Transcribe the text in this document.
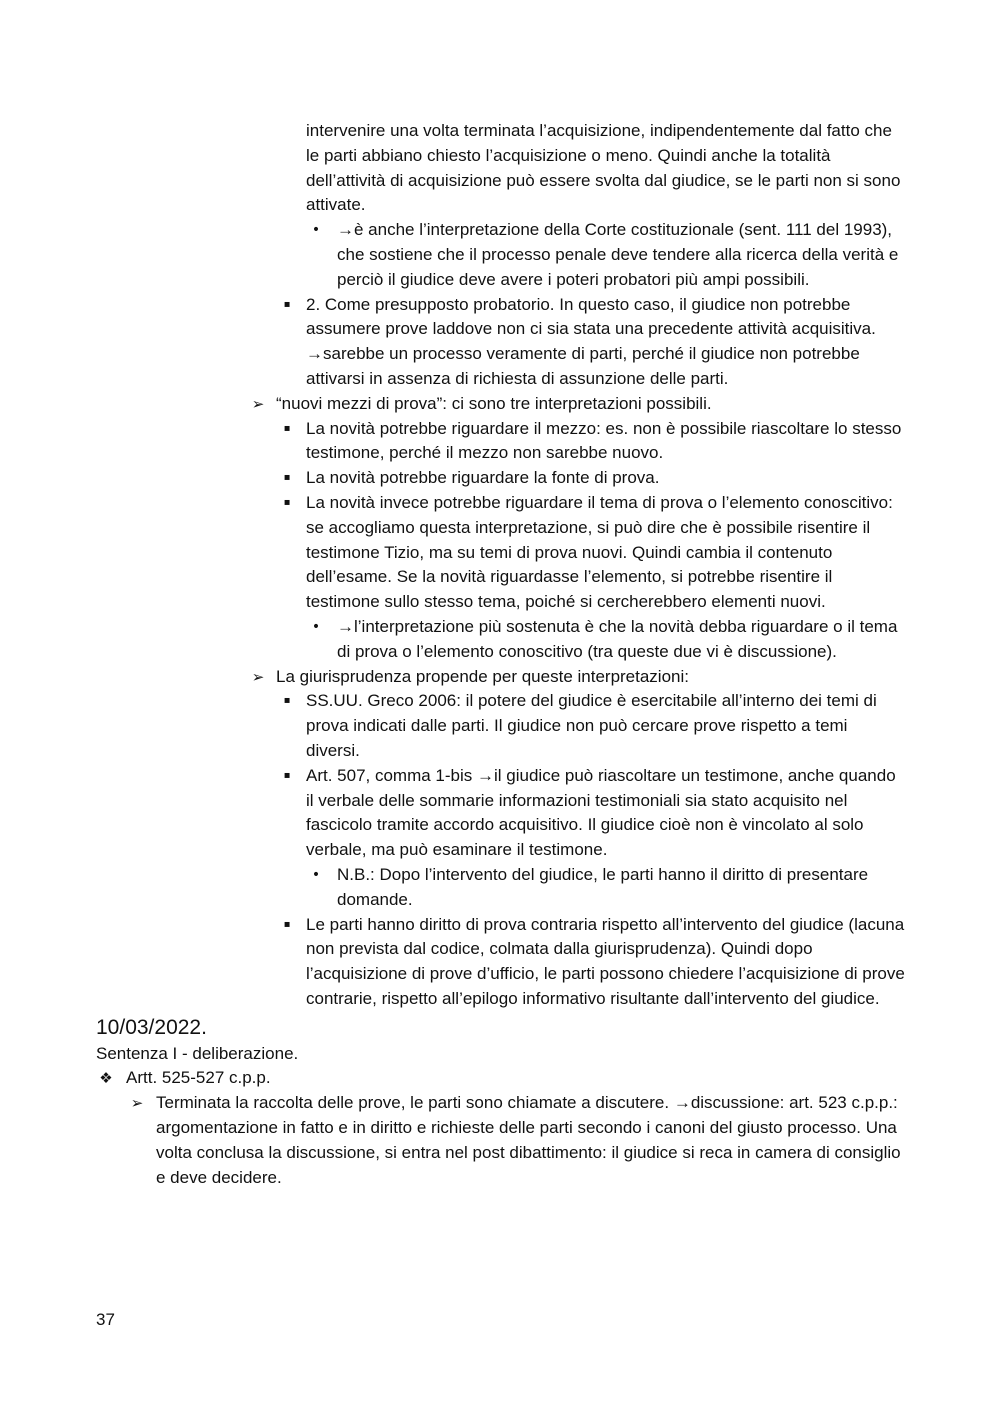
intervenire una volta terminata l’acquisizione, indipendentemente dal fatto che le parti abbiano chiesto l’acquisizione o meno. Quindi anche la totalità dell’attività di acquisizione può essere svolta dal giudice, se le parti non si sono attivate.
• →è anche l’interpretazione della Corte costituzionale (sent. 111 del 1993), che sostiene che il processo penale deve tendere alla ricerca della verità e perciò il giudice deve avere i poteri probatori più ampi possibili.
▪ 2. Come presupposto probatorio. In questo caso, il giudice non potrebbe assumere prove laddove non ci sia stata una precedente attività acquisitiva. →sarebbe un processo veramente di parti, perché il giudice non potrebbe attivarsi in assenza di richiesta di assunzione delle parti.
➢ “nuovi mezzi di prova”: ci sono tre interpretazioni possibili.
▪ La novità potrebbe riguardare il mezzo: es. non è possibile riascoltare lo stesso testimone, perché il mezzo non sarebbe nuovo.
▪ La novità potrebbe riguardare la fonte di prova.
▪ La novità invece potrebbe riguardare il tema di prova o l’elemento conoscitivo: se accogliamo questa interpretazione, si può dire che è possibile risentire il testimone Tizio, ma su temi di prova nuovi. Quindi cambia il contenuto dell’esame. Se la novità riguardasse l’elemento, si potrebbe risentire il testimone sullo stesso tema, poiché si cercherebbero elementi nuovi.
• →l’interpretazione più sostenuta è che la novità debba riguardare o il tema di prova o l’elemento conoscitivo (tra queste due vi è discussione).
➢ La giurisprudenza propende per queste interpretazioni:
▪ SS.UU. Greco 2006: il potere del giudice è esercitabile all’interno dei temi di prova indicati dalle parti. Il giudice non può cercare prove rispetto a temi diversi.
▪ Art. 507, comma 1-bis →il giudice può riascoltare un testimone, anche quando il verbale delle sommarie informazioni testimoniali sia stato acquisito nel fascicolo tramite accordo acquisitivo. Il giudice cioè non è vincolato al solo verbale, ma può esaminare il testimone.
• N.B.: Dopo l’intervento del giudice, le parti hanno il diritto di presentare domande.
▪ Le parti hanno diritto di prova contraria rispetto all’intervento del giudice (lacuna non prevista dal codice, colmata dalla giurisprudenza). Quindi dopo l’acquisizione di prove d’ufficio, le parti possono chiedere l’acquisizione di prove contrarie, rispetto all’epilogo informativo risultante dall’intervento del giudice.
10/03/2022.
Sentenza I - deliberazione.
❖ Artt. 525-527 c.p.p.
➢ Terminata la raccolta delle prove, le parti sono chiamate a discutere. →discussione: art. 523 c.p.p.: argomentazione in fatto e in diritto e richieste delle parti secondo i canoni del giusto processo. Una volta conclusa la discussione, si entra nel post dibattimento: il giudice si reca in camera di consiglio e deve decidere.
37
